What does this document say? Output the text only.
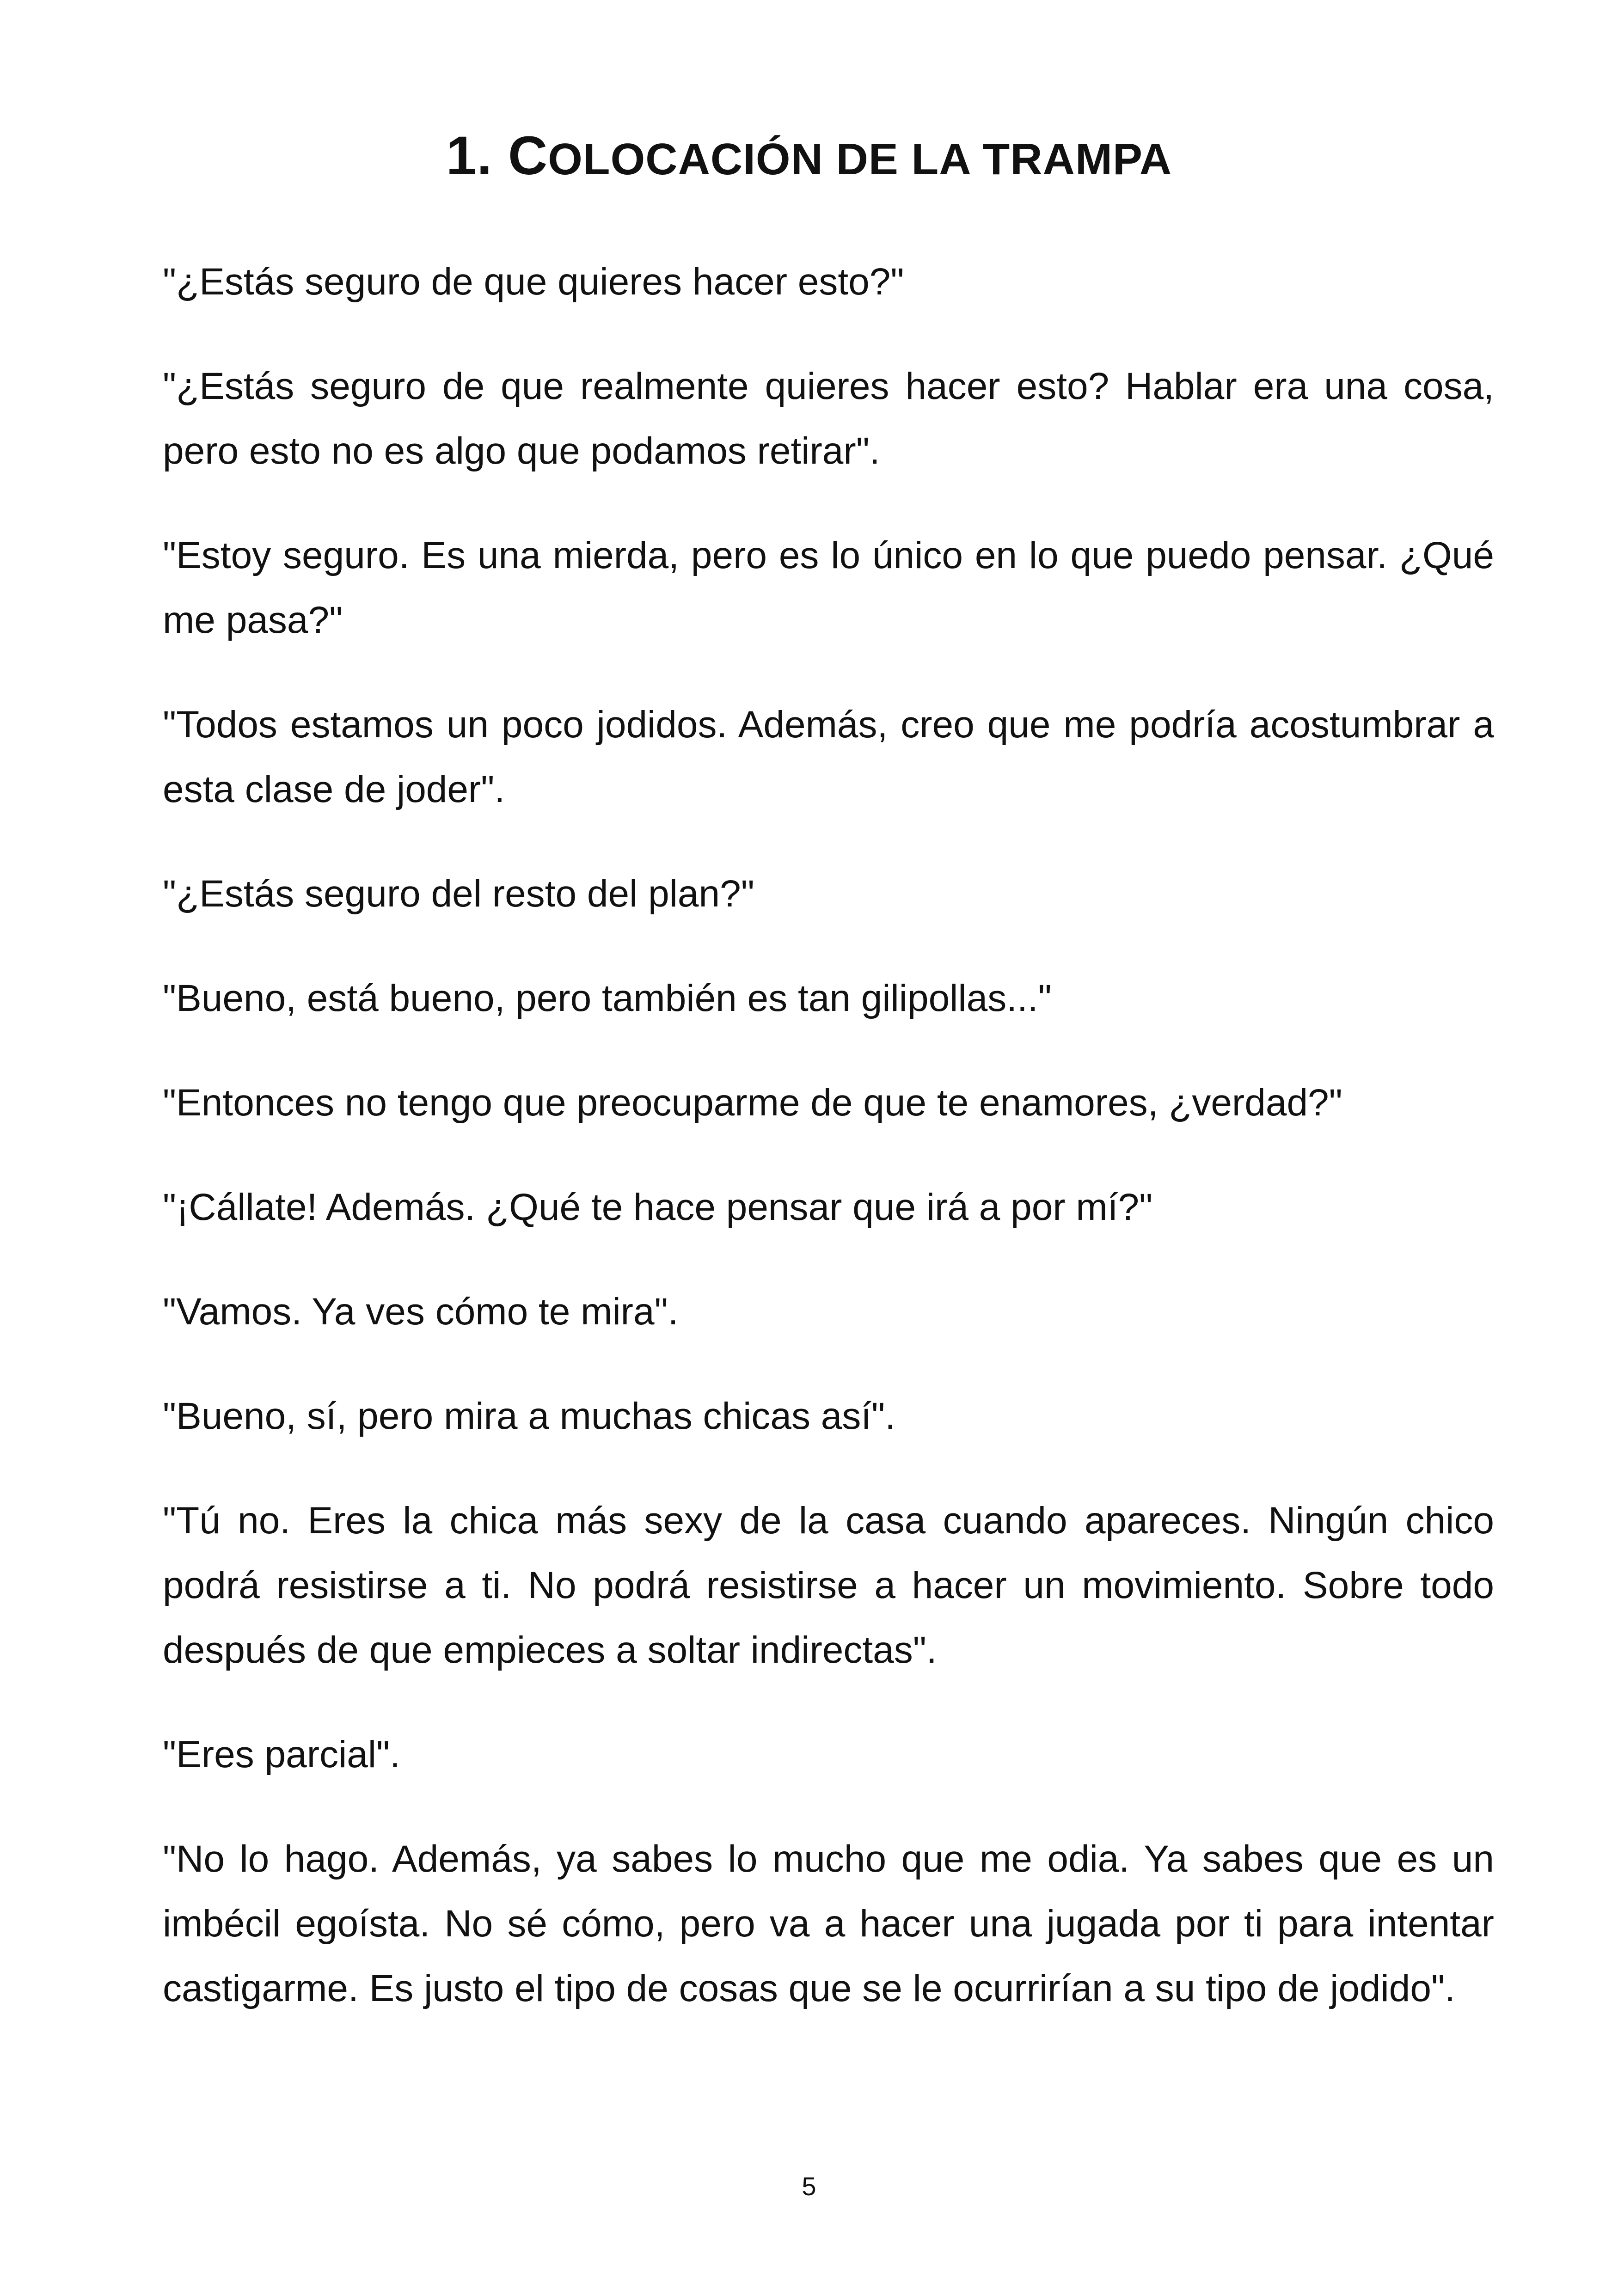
1. COLOCACIÓN DE LA TRAMPA

"¿Estás seguro de que quieres hacer esto?"

"¿Estás seguro de que realmente quieres hacer esto? Hablar era una cosa, pero esto no es algo que podamos retirar".

"Estoy seguro. Es una mierda, pero es lo único en lo que puedo pensar. ¿Qué me pasa?"

"Todos estamos un poco jodidos. Además, creo que me podría acostumbrar a esta clase de joder".

"¿Estás seguro del resto del plan?"

"Bueno, está bueno, pero también es tan gilipollas..."

"Entonces no tengo que preocuparme de que te enamores, ¿verdad?"

"¡Cállate! Además. ¿Qué te hace pensar que irá a por mí?"

"Vamos. Ya ves cómo te mira".

"Bueno, sí, pero mira a muchas chicas así".

"Tú no. Eres la chica más sexy de la casa cuando apareces. Ningún chico podrá resistirse a ti. No podrá resistirse a hacer un movimiento. Sobre todo después de que empieces a soltar indirectas".

"Eres parcial".

"No lo hago. Además, ya sabes lo mucho que me odia. Ya sabes que es un imbécil egoísta. No sé cómo, pero va a hacer una jugada por ti para intentar castigarme. Es justo el tipo de cosas que se le ocurrirían a su tipo de jodido".

5
